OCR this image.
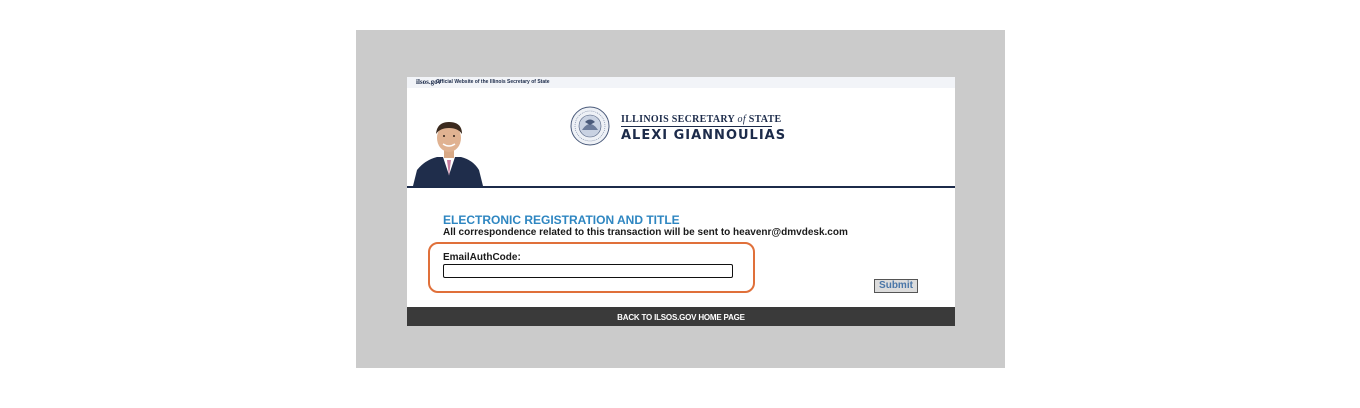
ilsos.gov
Official Website of the Illinois Secretary of State
ILLINOIS SECRETARY of STATE
ALEXI GIANNOULIAS
ELECTRONIC REGISTRATION AND TITLE
All correspondence related to this transaction will be sent to heavenr@dmvdesk.com
EmailAuthCode:
Submit
BACK TO ILSOS.GOV HOME PAGE
